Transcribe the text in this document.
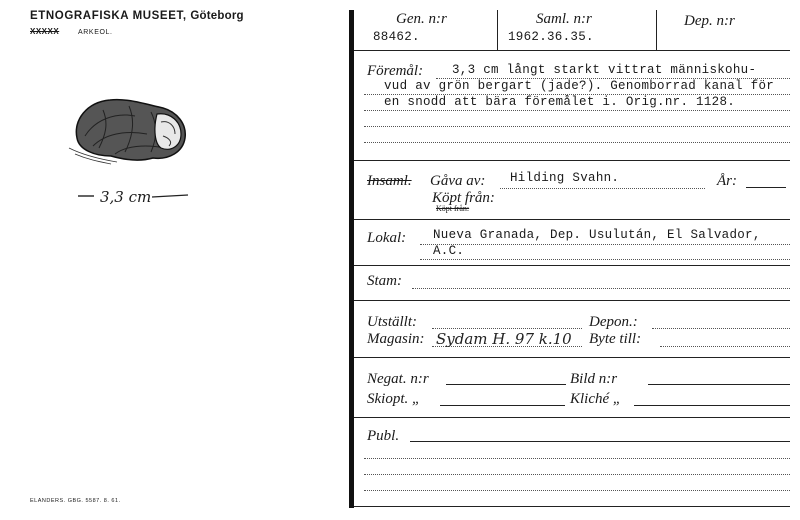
ETNOGRAFISKA MUSEET, Göteborg
XXXXX	ARKEOL.
3,3 cm
ELANDERS. GBG. 5587. 8. 61.
Gen. n:r
88462.
Saml. n:r
1962.36.35.
Dep. n:r
Föremål: 3,3 cm långt starkt vittrat människohu-
vud av grön bergart (jade?). Genomborrad kanal för
en snodd att bära föremålet i. Orig.nr. 1128.
Insaml. Gåva av: Hilding Svahn.	År:
Köpt från:
Köpt från:
Lokal: Nueva Granada, Dep. Usulután, El Salvador,
A.C.
Stam:
Utställt:	Depon.:
Magasin: Sydam H. 97 k.10 Byte till:
Negat. n:r	Bild n:r
Skiopt. „	Kliché „
Publ.
